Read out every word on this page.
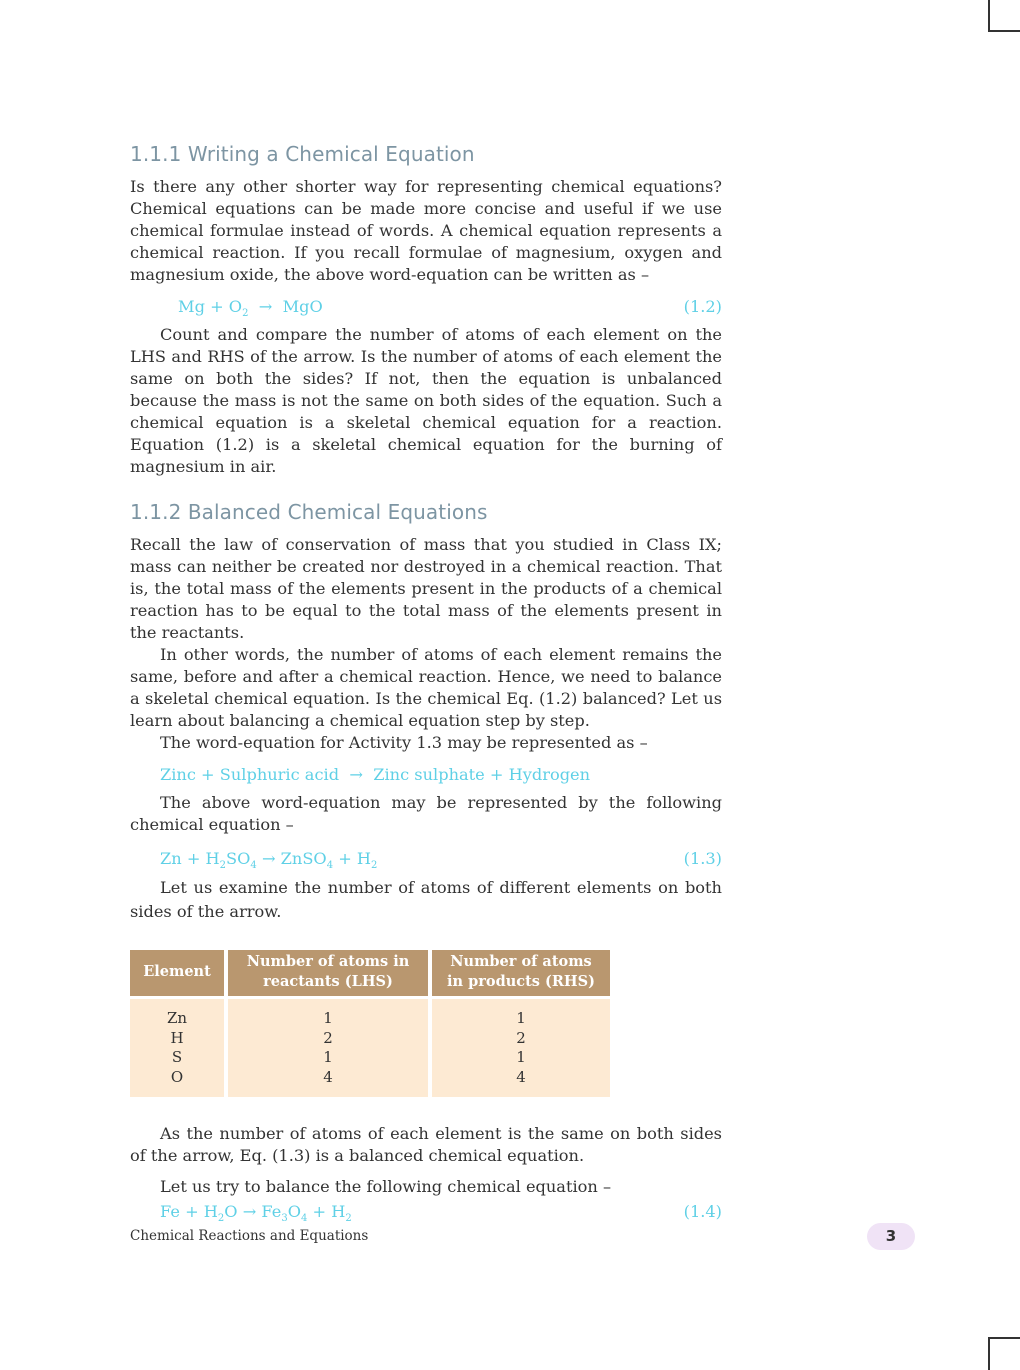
1.1.1 Writing a Chemical Equation

Is there any other shorter way for representing chemical equations? Chemical equations can be made more concise and useful if we use chemical formulae instead of words. A chemical equation represents a chemical reaction. If you recall formulae of magnesium, oxygen and magnesium oxide, the above word-equation can be written as –

$Mg + O_2$ → MgO	(1.2)

Count and compare the number of atoms of each element on the LHS and RHS of the arrow. Is the number of atoms of each element the same on both the sides? If not, then the equation is unbalanced because the mass is not the same on both sides of the equation. Such a chemical equation is a skeletal chemical equation for a reaction. Equation (1.2) is a skeletal chemical equation for the burning of magnesium in air.

1.1.2 Balanced Chemical Equations

Recall the law of conservation of mass that you studied in Class IX; mass can neither be created nor destroyed in a chemical reaction. That is, the total mass of the elements present in the products of a chemical reaction has to be equal to the total mass of the elements present in the reactants.

In other words, the number of atoms of each element remains the same, before and after a chemical reaction. Hence, we need to balance a skeletal chemical equation. Is the chemical Eq. (1.2) balanced? Let us learn about balancing a chemical equation step by step.

The word-equation for Activity 1.3 may be represented as –

Zinc + Sulphuric acid → Zinc sulphate + Hydrogen

The above word-equation may be represented by the following chemical equation –

$Zn + H_2SO_4$ → ZnSO$_4$ + $H_2$	(1.3)

Let us examine the number of atoms of different elements on both sides of the arrow.

Element	Number of atoms in reactants (LHS)	Number of atoms in products (RHS)
Zn	1	1
H	2	2
S	1	1
O	4	4

As the number of atoms of each element is the same on both sides of the arrow, Eq. (1.3) is a balanced chemical equation.

Let us try to balance the following chemical equation –

$Fe + H_2O \to Fe_3O_4 + H_2$	(1.4)
Chemical Reactions and Equations	3
